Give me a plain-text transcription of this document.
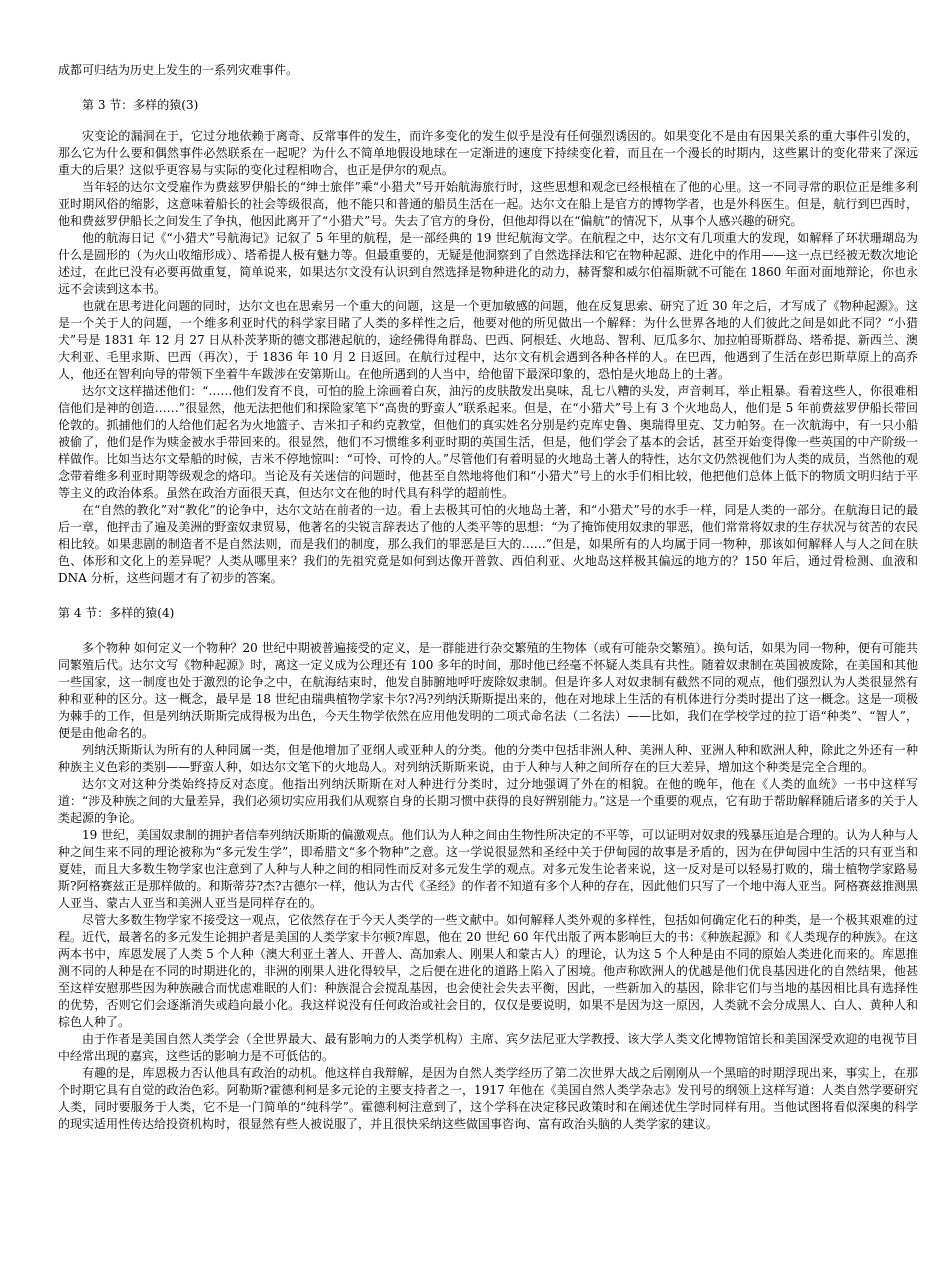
成都可归结为历史上发生的一系列灾难事件。

第 3 节：多样的猿(3)

灾变论的漏洞在于，它过分地依赖于离奇、反常事件的发生，而许多变化的发生似乎是没有任何强烈诱因的。如果变化不是由有因果关系的重大事件引发的，那么它为什么要和偶然事件必然联系在一起呢？为什么不简单地假设地球在一定渐进的速度下持续变化着，而且在一个漫长的时期内，这些累计的变化带来了深远重大的后果？这似乎更容易与实际的变化过程相吻合，也正是伊尔的观点。

当年轻的达尔文受雇作为费兹罗伊船长的“绅士旅伴”乘“小猎犬”号开始航海旅行时，这些思想和观念已经根植在了他的心里。这一不同寻常的职位正是维多利亚时期风俗的缩影，这意味着船长的社会等级很高，他不能只和普通的船员生活在一起。达尔文在船上是官方的博物学者，也是外科医生。但是，航行到巴西时，他和费兹罗伊船长之间发生了争执，他因此离开了“小猎犬”号。失去了官方的身份，但他却得以在“偏航”的情况下，从事个人感兴趣的研究。

他的航海日记《“小猎犬”号航海记》记叙了 5 年里的航程，是一部经典的 19 世纪航海文学。在航程之中，达尔文有几项重大的发现，如解释了环状珊瑚岛为什么是圆形的（为火山收缩形成）、塔希提人极有魅力等。但最重要的，无疑是他洞察到了自然选择法和它在物种起源、进化中的作用——这一点已经被无数次地论述过，在此已没有必要再做重复，简单说来，如果达尔文没有认识到自然选择是物种进化的动力，赫胥黎和威尔伯福斯就不可能在 1860 年面对面地辩论，你也永远不会读到这本书。

也就在思考进化问题的同时，达尔文也在思索另一个重大的问题，这是一个更加敏感的问题，他在反复思索、研究了近 30 年之后，才写成了《物种起源》。这是一个关于人的问题，一个维多利亚时代的科学家目睹了人类的多样性之后，他要对他的所见做出一个解释：为什么世界各地的人们彼此之间是如此不同？“小猎犬”号是 1831 年 12 月 27 日从朴茨茅斯的德文郡港起航的，途经佛得角群岛、巴西、阿根廷、火地岛、智利、厄瓜多尔、加拉帕哥斯群岛、塔希提、新西兰、澳大利亚、毛里求斯、巴西（再次），于 1836 年 10 月 2 日返回。在航行过程中，达尔文有机会遇到各种各样的人。在巴西，他遇到了生活在彭巴斯草原上的高乔人，他还在智利向导的带领下坐着牛车跋涉在安第斯山。在他所遇到的人当中，给他留下最深印象的，恐怕是火地岛上的土著。

达尔文这样描述他们：“……他们发育不良，可怕的脸上涂画着白灰，油污的皮肤散发出臭味，乱七八糟的头发，声音刺耳，举止粗暴。看着这些人，你很难相信他们是神的创造……”很显然，他无法把他们和探险家笔下“高贵的野蛮人”联系起来。但是，在“小猎犬”号上有 3 个火地岛人，他们是 5 年前费兹罗伊船长带回伦敦的。抓捕他们的人给他们起名为火地篮子、吉米扣子和约克教堂，但他们的真实姓名分别是约克库史鲁、奥瑞得里克、艾力帕努。在一次航海中，有一只小船被偷了，他们是作为赎金被水手带回来的。很显然，他们不习惯维多利亚时期的英国生活，但是，他们学会了基本的会话，甚至开始变得像一些英国的中产阶级一样做作。比如当达尔文晕船的时候，吉米不停地惊叫：“可怜、可怜的人。”尽管他们有着明显的火地岛土著人的特性，达尔文仍然视他们为人类的成员，当然他的观念带着维多利亚时期等级观念的烙印。当论及有关迷信的问题时，他甚至自然地将他们和“小猎犬”号上的水手们相比较，他把他们总体上低下的物质文明归结于平等主义的政治体系。虽然在政治方面很天真，但达尔文在他的时代具有科学的超前性。

在“自然的教化”对“教化”的论争中，达尔文站在前者的一边。看上去极其可怕的火地岛土著，和“小猎犬”号的水手一样，同是人类的一部分。在航海日记的最后一章，他抨击了遍及美洲的野蛮奴隶贸易，他著名的尖锐言辞表达了他的人类平等的思想：“为了掩饰使用奴隶的罪恶，他们常常将奴隶的生存状况与贫苦的农民相比较。如果悲剧的制造者不是自然法则，而是我们的制度，那么我们的罪恶是巨大的……”但是，如果所有的人均属于同一物种，那该如何解释人与人之间在肤色、体形和文化上的差异呢？人类从哪里来？我们的先祖究竟是如何到达像开普敦、西伯利亚、火地岛这样极其偏远的地方的？150 年后，通过骨检测、血液和 DNA 分析，这些问题才有了初步的答案。

第 4 节：多样的猿(4)

多个物种 如何定义一个物种？20 世纪中期被普遍接受的定义，是一群能进行杂交繁殖的生物体（或有可能杂交繁殖）。换句话，如果为同一物种，便有可能共同繁殖后代。达尔文写《物种起源》时，离这一定义成为公理还有 100 多年的时间，那时他已经毫不怀疑人类具有共性。随着奴隶制在英国被废除，在美国和其他一些国家，这一制度也处于激烈的论争之中，在航海结束时，他发自肺腑地呼吁废除奴隶制。但是许多人对奴隶制有截然不同的观点，他们强烈认为人类很显然有种和亚种的区分。这一概念，最早是 18 世纪由瑞典植物学家卡尔?冯?列纳沃斯斯提出来的，他在对地球上生活的有机体进行分类时提出了这一概念。这是一项极为棘手的工作，但是列纳沃斯斯完成得极为出色，今天生物学依然在应用他发明的二项式命名法（二名法）——比如，我们在学校学过的拉丁语“种类”、“智人”，便是由他命名的。

列纳沃斯斯认为所有的人种同属一类，但是他增加了亚纲人或亚种人的分类。他的分类中包括非洲人种、美洲人种、亚洲人种和欧洲人种，除此之外还有一种种族主义色彩的类别——野蛮人种，如达尔文笔下的火地岛人。对列纳沃斯斯来说，由于人种与人种之间所存在的巨大差异，增加这个种类是完全合理的。

达尔文对这种分类始终持反对态度。他指出列纳沃斯斯在对人种进行分类时，过分地强调了外在的相貌。在他的晚年，他在《人类的血统》一书中这样写道：“涉及种族之间的大量差异，我们必须切实应用我们从观察自身的长期习惯中获得的良好辨别能力。”这是一个重要的观点，它有助于帮助解释随后诸多的关于人类起源的争论。

19 世纪，美国奴隶制的拥护者信奉列纳沃斯斯的偏激观点。他们认为人种之间由生物性所决定的不平等，可以证明对奴隶的残暴压迫是合理的。认为人种与人种之间生来不同的理论被称为“多元发生学”，即希腊文“多个物种”之意。这一学说很显然和圣经中关于伊甸园的故事是矛盾的，因为在伊甸园中生活的只有亚当和夏娃，而且大多数生物学家也注意到了人种与人种之间的相同性而反对多元发生学的观点。对多元发生论者来说，这一反对是可以轻易打败的，瑞士植物学家路易斯?阿格赛兹正是那样做的。和斯蒂芬?杰?古德尔一样，他认为古代《圣经》的作者不知道有多个人种的存在，因此他们只写了一个地中海人亚当。阿格赛兹推测黑人亚当、蒙古人亚当和美洲人亚当是同样存在的。

尽管大多数生物学家不接受这一观点，它依然存在于今天人类学的一些文献中。如何解释人类外观的多样性，包括如何确定化石的种类，是一个极其艰难的过程。近代，最著名的多元发生论拥护者是美国的人类学家卡尔顿?库恩，他在 20 世纪 60 年代出版了两本影响巨大的书：《种族起源》和《人类现存的种族》。在这两本书中，库恩发展了人类 5 个人种（澳大利亚土著人、开普人、高加索人、刚果人和蒙古人）的理论，认为这 5 个人种是由不同的原始人类进化而来的。库恩推测不同的人种是在不同的时期进化的，非洲的刚果人进化得较早，之后便在进化的道路上陷入了困境。他声称欧洲人的优越是他们优良基因进化的自然结果，他甚至这样安慰那些因为种族融合而忧虑难眠的人们：种族混合会搅乱基因，也会使社会失去平衡，因此，一些新加入的基因，除非它们与当地的基因相比具有选择性的优势，否则它们会逐渐消失或趋向最小化。我这样说没有任何政治或社会目的，仅仅是要说明，如果不是因为这一原因，人类就不会分成黑人、白人、黄种人和棕色人种了。

由于作者是美国自然人类学会（全世界最大、最有影响力的人类学机构）主席、宾夕法尼亚大学教授、该大学人类文化博物馆馆长和美国深受欢迎的电视节目中经常出现的嘉宾，这些话的影响力是不可低估的。

有趣的是，库恩极力否认他具有政治的动机。他这样自我辩解，是因为自然人类学经历了第二次世界大战之后刚刚从一个黑暗的时期浮现出来，事实上，在那个时期它具有自觉的政治色彩。阿勒斯?霍德利柯是多元论的主要支持者之一，1917 年他在《美国自然人类学杂志》发刊号的纲领上这样写道：人类自然学要研究人类，同时要服务于人类，它不是一门简单的“纯科学”。霍德利柯注意到了，这个学科在决定移民政策时和在阐述优生学时同样有用。当他试图将看似深奥的科学的现实适用性传达给投资机构时，很显然有些人被说服了，并且很快采纳这些做国事咨询、富有政治头脑的人类学家的建议。
